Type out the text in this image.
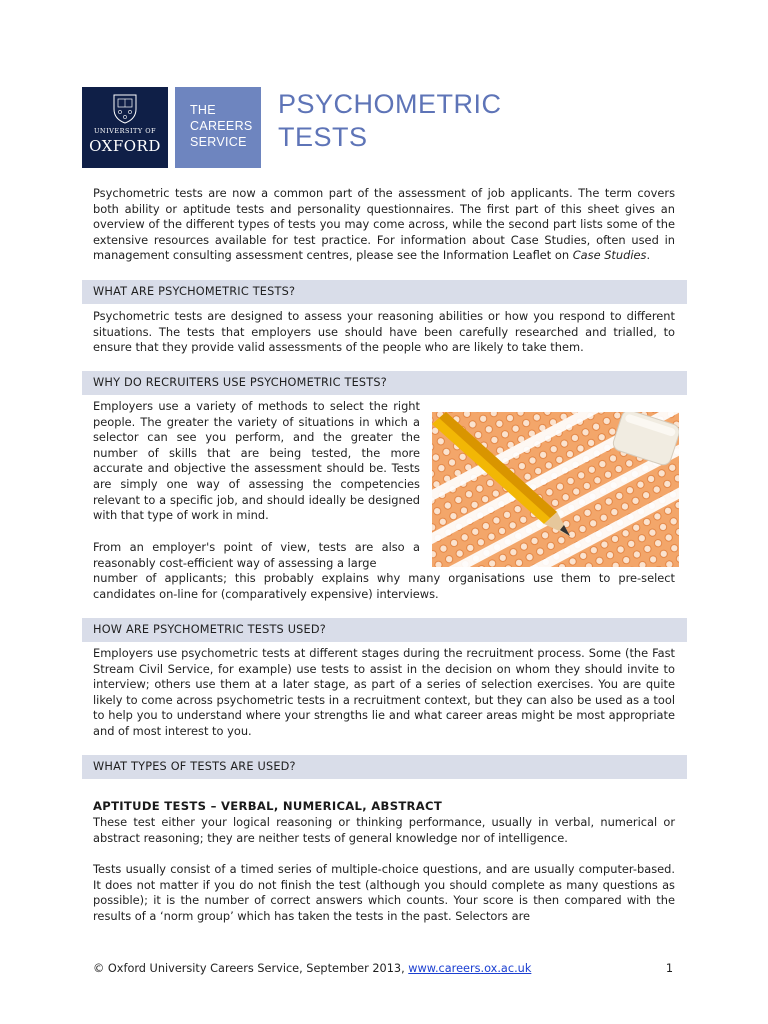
UNIVERSITY OF
OXFORD
THE
CAREERS
SERVICE
PSYCHOMETRIC
TESTS
Psychometric tests are now a common part of the assessment of job applicants. The term covers both ability or aptitude tests and personality questionnaires. The first part of this sheet gives an overview of the different types of tests you may come across, while the second part lists some of the extensive resources available for test practice. For information about Case Studies, often used in management consulting assessment centres, please see the Information Leaflet on Case Studies.
WHAT ARE PSYCHOMETRIC TESTS?
Psychometric tests are designed to assess your reasoning abilities or how you respond to different situations. The tests that employers use should have been carefully researched and trialled, to ensure that they provide valid assessments of the people who are likely to take them.
WHY DO RECRUITERS USE PSYCHOMETRIC TESTS?
Employers use a variety of methods to select the right people. The greater the variety of situations in which a selector can see you perform, and the greater the number of skills that are being tested, the more accurate and objective the assessment should be. Tests are simply one way of assessing the competencies relevant to a specific job, and should ideally be designed with that type of work in mind.
From an employer's point of view, tests are also a reasonably cost-efficient way of assessing a large
number of applicants; this probably explains why many organisations use them to pre-select candidates on-line for (comparatively expensive) interviews.
HOW ARE PSYCHOMETRIC TESTS USED?
Employers use psychometric tests at different stages during the recruitment process. Some (the Fast Stream Civil Service, for example) use tests to assist in the decision on whom they should invite to interview; others use them at a later stage, as part of a series of selection exercises. You are quite likely to come across psychometric tests in a recruitment context, but they can also be used as a tool to help you to understand where your strengths lie and what career areas might be most appropriate and of most interest to you.
WHAT TYPES OF TESTS ARE USED?
APTITUDE TESTS – VERBAL, NUMERICAL, ABSTRACT
These test either your logical reasoning or thinking performance, usually in verbal, numerical or abstract reasoning; they are neither tests of general knowledge nor of intelligence.
Tests usually consist of a timed series of multiple-choice questions, and are usually computer-based. It does not matter if you do not finish the test (although you should complete as many questions as possible); it is the number of correct answers which counts. Your score is then compared with the results of a ‘norm group’ which has taken the tests in the past. Selectors are
© Oxford University Careers Service, September 2013, www.careers.ox.ac.uk	1
